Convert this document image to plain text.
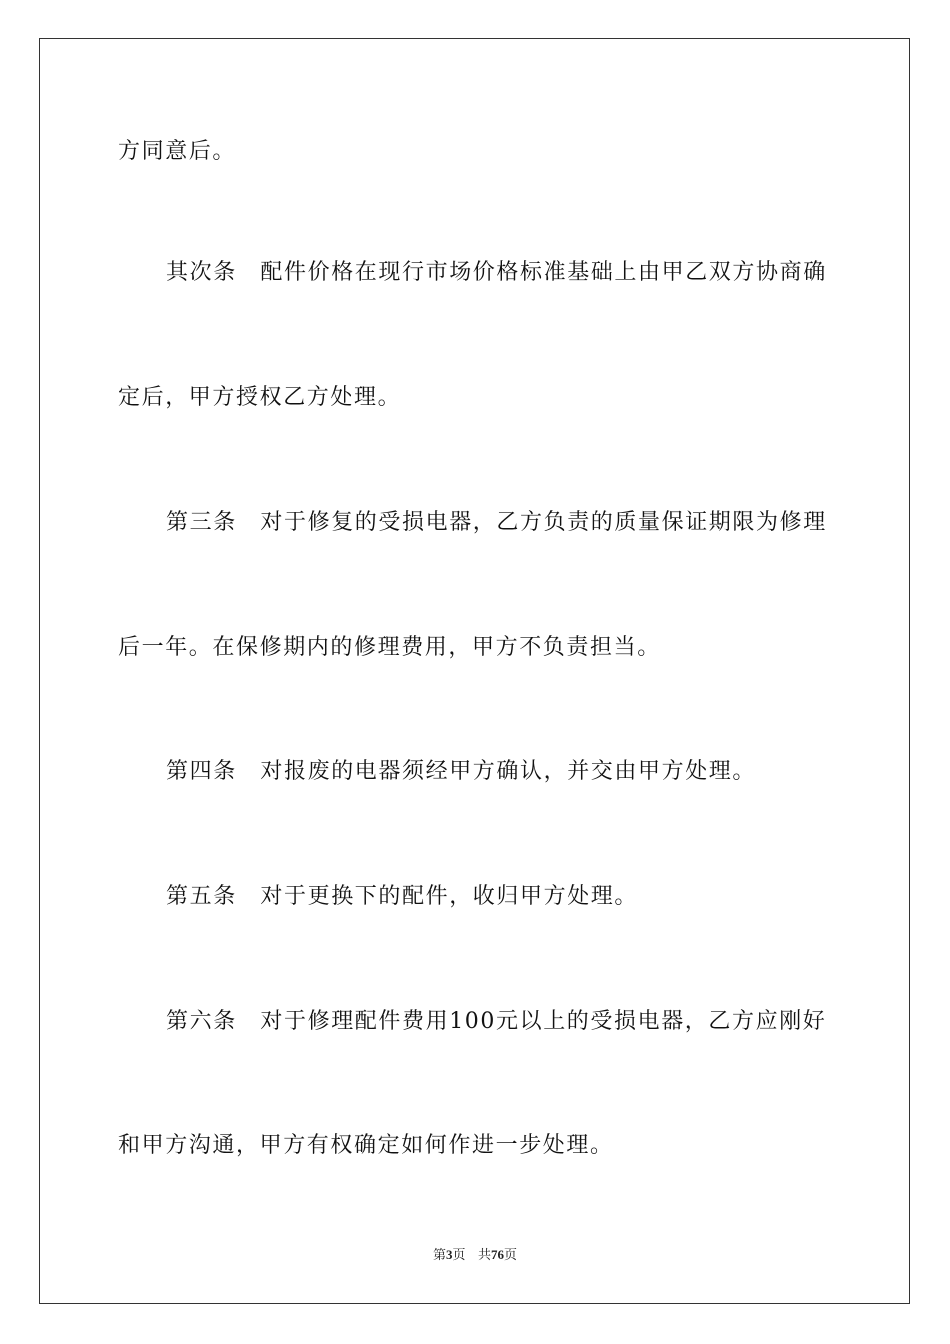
方同意后。
其次条　配件价格在现行市场价格标准基础上由甲乙双方协商确
定后，甲方授权乙方处理。
第三条　对于修复的受损电器，乙方负责的质量保证期限为修理
后一年。在保修期内的修理费用，甲方不负责担当。
第四条　对报废的电器须经甲方确认，并交由甲方处理。
第五条　对于更换下的配件，收归甲方处理。
第六条　对于修理配件费用100元以上的受损电器，乙方应刚好
和甲方沟通，甲方有权确定如何作进一步处理。
第3页 共76页
